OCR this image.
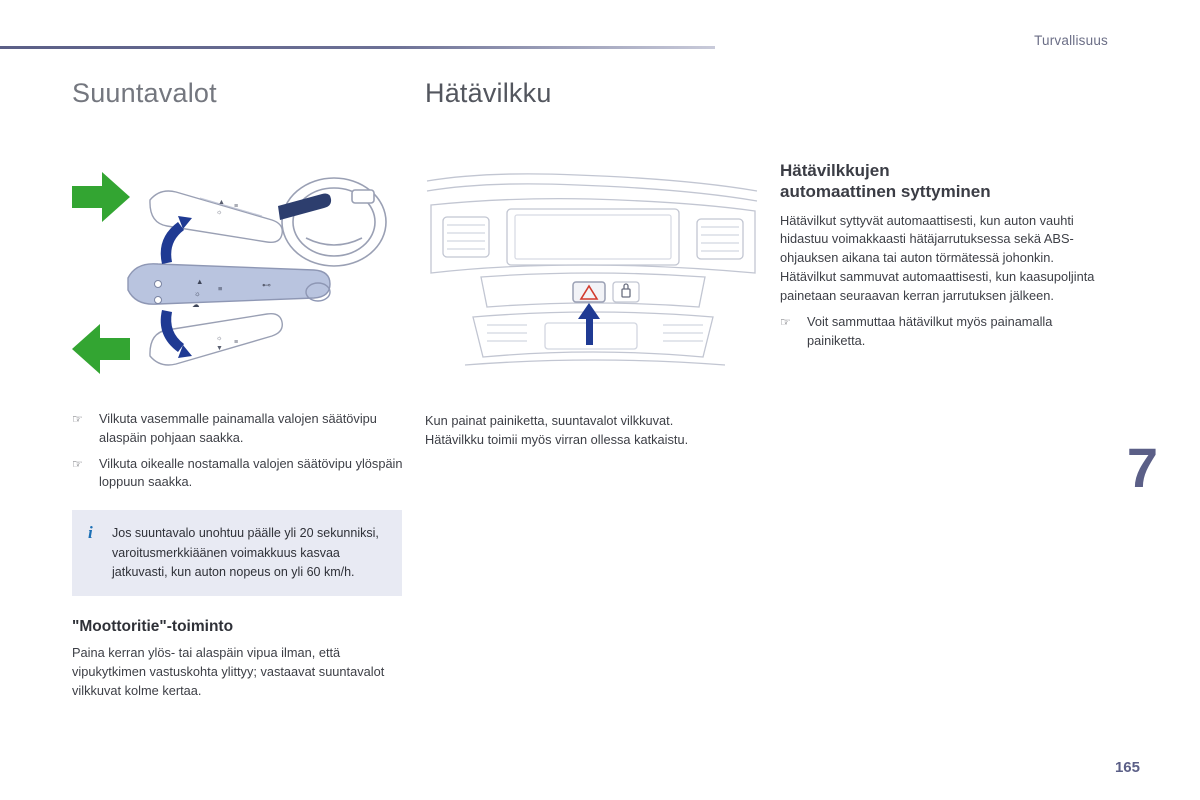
Turvallisuus
7
165
Suuntavalot
▲
☼
≡
▲
☼
☁
≡	⊷
▼
☼
≡
☞ Vilkuta vasemmalle painamalla valojen säätövipu alaspäin pohjaan saakka.
☞ Vilkuta oikealle nostamalla valojen säätövipu ylöspäin loppuun saakka.
i Jos suuntavalo unohtuu päälle yli 20 sekunniksi, varoitusmerkkiäänen voimakkuus kasvaa jatkuvasti, kun auton nopeus on yli 60 km/h.

"Moottoritie"-toiminto

Paina kerran ylös- tai alaspäin vipua ilman, että vipukytkimen vastuskohta ylittyy; vastaavat suuntavalot vilkkuvat kolme kertaa.

Hätävilkku
Kun painat painiketta, suuntavalot vilkkuvat.
Hätävilkku toimii myös virran ollessa katkaistu.
Hätävilkkujen
automaattinen syttyminen

Hätävilkut syttyvät automaattisesti, kun auton vauhti hidastuu voimakkaasti hätäjarrutuksessa sekä ABS-ohjauksen aikana tai auton törmätessä johonkin.

Hätävilkut sammuvat automaattisesti, kun kaasupoljinta painetaan seuraavan kerran jarrutuksen jälkeen.

☞ Voit sammuttaa hätävilkut myös painamalla painiketta.
